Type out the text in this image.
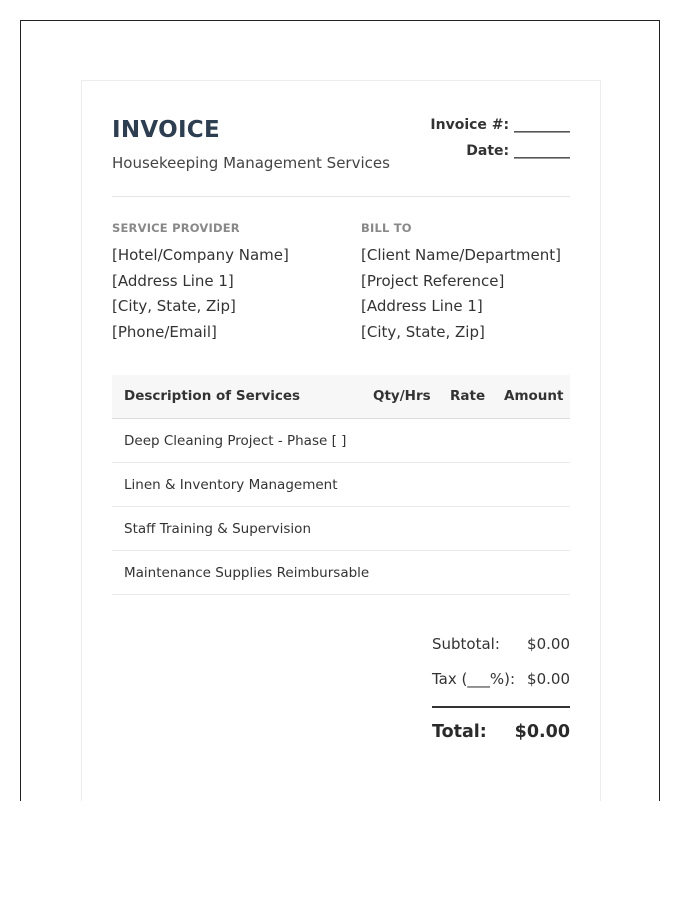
INVOICE
Housekeeping Management Services
Invoice #: ________
Date: ________
SERVICE PROVIDER	BILL TO
[Hotel/Company Name]
[Address Line 1]
[City, State, Zip]
[Phone/Email]
[Client Name/Department]
[Project Reference]
[Address Line 1]
[City, State, Zip]
Description of Services	Qty/Hrs Rate Amount
Deep Cleaning Project - Phase [ ]
Linen & Inventory Management
Staff Training & Supervision
Maintenance Supplies Reimbursable
Subtotal: $0.00
Tax (___%): $0.00
Total: $0.00
